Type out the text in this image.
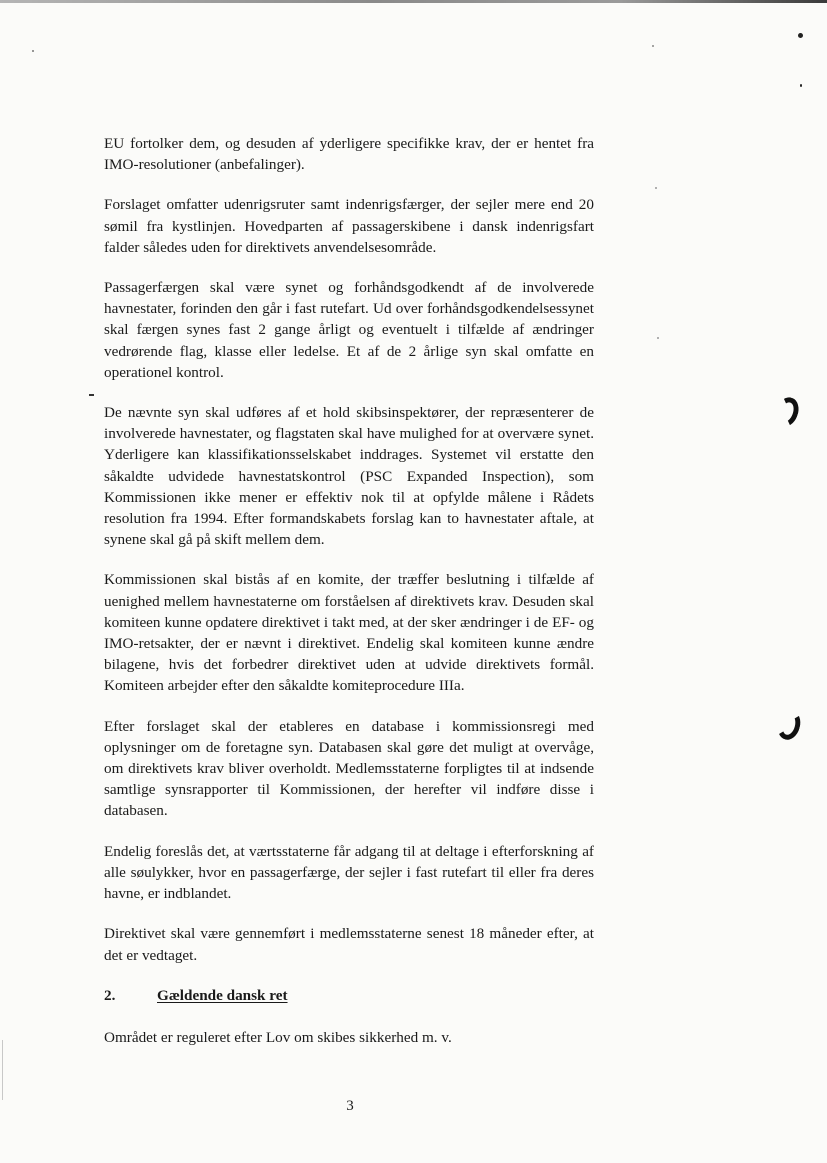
EU fortolker dem, og desuden af yderligere specifikke krav, der er hentet fra IMO-resolutioner (anbefalinger).

Forslaget omfatter udenrigsruter samt indenrigsfærger, der sejler mere end 20 sømil fra kystlinjen. Hovedparten af passagerskibene i dansk indenrigsfart falder således uden for direktivets anvendelsesområde.

Passagerfærgen skal være synet og forhåndsgodkendt af de involverede havnestater, forinden den går i fast rutefart. Ud over forhåndsgodkendelsessynet skal færgen synes fast 2 gange årligt og eventuelt i tilfælde af ændringer vedrørende flag, klasse eller ledelse. Et af de 2 årlige syn skal omfatte en operationel kontrol.

De nævnte syn skal udføres af et hold skibsinspektører, der repræsenterer de involverede havnestater, og flagstaten skal have mulighed for at overvære synet. Yderligere kan klassifikationsselskabet inddrages. Systemet vil erstatte den såkaldte udvidede havnestatskontrol (PSC Expanded Inspection), som Kommissionen ikke mener er effektiv nok til at opfylde målene i Rådets resolution fra 1994. Efter formandskabets forslag kan to havnestater aftale, at synene skal gå på skift mellem dem.

Kommissionen skal bistås af en komite, der træffer beslutning i tilfælde af uenighed mellem havnestaterne om forståelsen af direktivets krav. Desuden skal komiteen kunne opdatere direktivet i takt med, at der sker ændringer i de EF- og IMO-retsakter, der er nævnt i direktivet. Endelig skal komiteen kunne ændre bilagene, hvis det forbedrer direktivet uden at udvide direktivets formål. Komiteen arbejder efter den såkaldte komiteprocedure IIIa.

Efter forslaget skal der etableres en database i kommissionsregi med oplysninger om de foretagne syn. Databasen skal gøre det muligt at overvåge, om direktivets krav bliver overholdt. Medlemsstaterne forpligtes til at indsende samtlige synsrapporter til Kommissionen, der herefter vil indføre disse i databasen.

Endelig foreslås det, at værtsstaterne får adgang til at deltage i efterforskning af alle søulykker, hvor en passagerfærge, der sejler i fast rutefart til eller fra deres havne, er indblandet.

Direktivet skal være gennemført i medlemsstaterne senest 18 måneder efter, at det er vedtaget.

2.	Gældende dansk ret

Området er reguleret efter Lov om skibes sikkerhed m. v.

3
